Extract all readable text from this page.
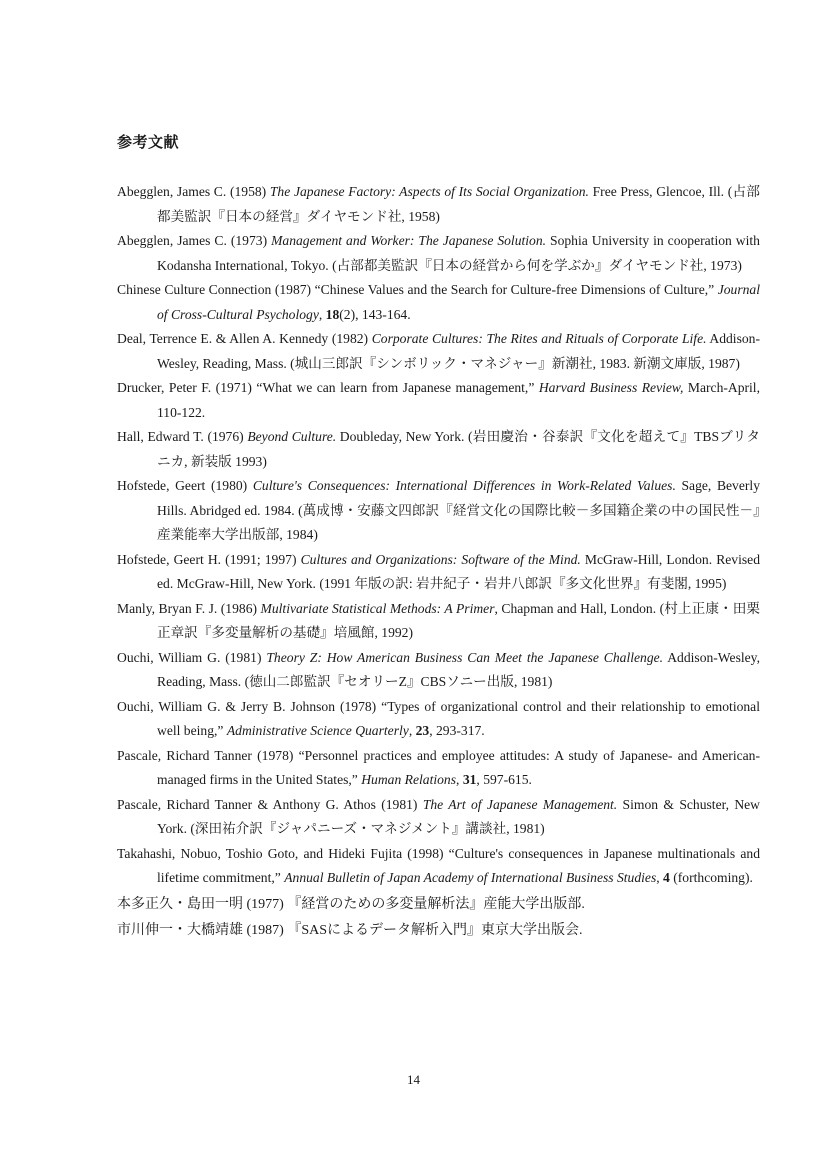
参考文献
Abegglen, James C. (1958) The Japanese Factory: Aspects of Its Social Organization. Free Press, Glencoe, Ill. (占部都美監訳『日本の経営』ダイヤモンド社, 1958)
Abegglen, James C. (1973) Management and Worker: The Japanese Solution. Sophia University in cooperation with Kodansha International, Tokyo. (占部都美監訳『日本の経営から何を学ぶか』ダイヤモンド社, 1973)
Chinese Culture Connection (1987) “Chinese Values and the Search for Culture-free Dimensions of Culture,” Journal of Cross-Cultural Psychology, 18(2), 143-164.
Deal, Terrence E. & Allen A. Kennedy (1982) Corporate Cultures: The Rites and Rituals of Corporate Life. Addison-Wesley, Reading, Mass. (城山三郎訳『シンボリック・マネジャー』新潮社, 1983. 新潮文庫版, 1987)
Drucker, Peter F. (1971) “What we can learn from Japanese management,” Harvard Business Review, March-April, 110-122.
Hall, Edward T. (1976) Beyond Culture. Doubleday, New York. (岩田慶治・谷泰訳『文化を超えて』TBSブリタニカ, 新装版 1993)
Hofstede, Geert (1980) Culture's Consequences: International Differences in Work-Related Values. Sage, Beverly Hills. Abridged ed. 1984. (萬成博・安藤文四郎訳『経営文化の国際比較－多国籍企業の中の国民性－』産業能率大学出版部, 1984)
Hofstede, Geert H. (1991; 1997) Cultures and Organizations: Software of the Mind. McGraw-Hill, London. Revised ed. McGraw-Hill, New York. (1991 年版の訳: 岩井紀子・岩井八郎訳『多文化世界』有斐閣, 1995)
Manly, Bryan F. J. (1986) Multivariate Statistical Methods: A Primer, Chapman and Hall, London. (村上正康・田栗正章訳『多変量解析の基礎』培風館, 1992)
Ouchi, William G. (1981) Theory Z: How American Business Can Meet the Japanese Challenge. Addison-Wesley, Reading, Mass. (徳山二郎監訳『セオリーZ』CBSソニー出版, 1981)
Ouchi, William G. & Jerry B. Johnson (1978) “Types of organizational control and their relationship to emotional well being,” Administrative Science Quarterly, 23, 293-317.
Pascale, Richard Tanner (1978) “Personnel practices and employee attitudes: A study of Japanese- and American-managed firms in the United States,” Human Relations, 31, 597-615.
Pascale, Richard Tanner & Anthony G. Athos (1981) The Art of Japanese Management. Simon & Schuster, New York. (深田祐介訳『ジャパニーズ・マネジメント』講談社, 1981)
Takahashi, Nobuo, Toshio Goto, and Hideki Fujita (1998) “Culture's consequences in Japanese multinationals and lifetime commitment,” Annual Bulletin of Japan Academy of International Business Studies, 4 (forthcoming).
本多正久・島田一明 (1977) 『経営のための多変量解析法』産能大学出版部.
市川伸一・大橋靖雄 (1987) 『SASによるデータ解析入門』東京大学出版会.
14
